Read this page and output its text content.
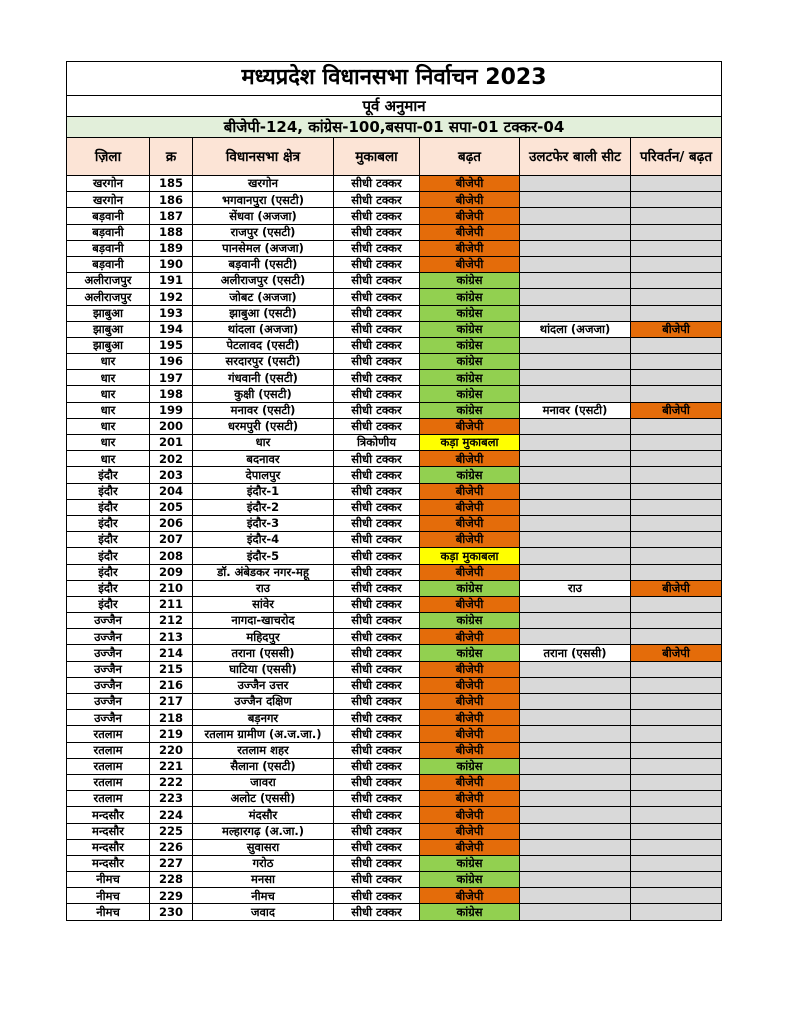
मध्यप्रदेश विधानसभा निर्वाचन 2023						
पूर्व अनुमान						
बीजेपी-124, कांग्रेस-100,बसपा-01 सपा-01 टक्कर-04						
ज़िला	क्र	विधानसभा क्षेत्र	मुकाबला	बढ़त	उलटफेर बाली सीट	परिवर्तन/ बढ़त
खरगोन	185	खरगोन	सीधी टक्कर	बीजेपी		
खरगोन	186	भगवानपुरा (एसटी)	सीधी टक्कर	बीजेपी		
बड़वानी	187	सेंधवा (अजजा)	सीधी टक्कर	बीजेपी		
बड़वानी	188	राजपुर (एसटी)	सीधी टक्कर	बीजेपी		
बड़वानी	189	पानसेमल (अजजा)	सीधी टक्कर	बीजेपी		
बड़वानी	190	बड़वानी (एसटी)	सीधी टक्कर	बीजेपी		
अलीराजपुर	191	अलीराजपुर (एसटी)	सीधी टक्कर	कांग्रेस		
अलीराजपुर	192	जोबट (अजजा)	सीधी टक्कर	कांग्रेस		
झाबुआ	193	झाबुआ (एसटी)	सीधी टक्कर	कांग्रेस		
झाबुआ	194	थांदला (अजजा)	सीधी टक्कर	कांग्रेस	थांदला (अजजा)	बीजेपी
झाबुआ	195	पेटलावद (एसटी)	सीधी टक्कर	कांग्रेस		
धार	196	सरदारपुर (एसटी)	सीधी टक्कर	कांग्रेस		
धार	197	गंधवानी (एसटी)	सीधी टक्कर	कांग्रेस		
धार	198	कुक्षी (एसटी)	सीधी टक्कर	कांग्रेस		
धार	199	मनावर (एसटी)	सीधी टक्कर	कांग्रेस	मनावर (एसटी)	बीजेपी
धार	200	धरमपुरी (एसटी)	सीधी टक्कर	बीजेपी		
धार	201	धार	त्रिकोणीय	कड़ा मुकाबला		
धार	202	बदनावर	सीधी टक्कर	बीजेपी		
इंदौर	203	देपालपुर	सीधी टक्कर	कांग्रेस		
इंदौर	204	इंदौर-1	सीधी टक्कर	बीजेपी		
इंदौर	205	इंदौर-2	सीधी टक्कर	बीजेपी		
इंदौर	206	इंदौर-3	सीधी टक्कर	बीजेपी		
इंदौर	207	इंदौर-4	सीधी टक्कर	बीजेपी		
इंदौर	208	इंदौर-5	सीधी टक्कर	कड़ा मुकाबला		
इंदौर	209	डॉ. अंबेडकर नगर-महू	सीधी टक्कर	बीजेपी		
इंदौर	210	राउ	सीधी टक्कर	कांग्रेस	राउ	बीजेपी
इंदौर	211	सांवेर	सीधी टक्कर	बीजेपी		
उज्जैन	212	नागदा-खाचरोद	सीधी टक्कर	कांग्रेस		
उज्जैन	213	महिदपुर	सीधी टक्कर	बीजेपी		
उज्जैन	214	तराना (एससी)	सीधी टक्कर	कांग्रेस	तराना (एससी)	बीजेपी
उज्जैन	215	घाटिया (एससी)	सीधी टक्कर	बीजेपी		
उज्जैन	216	उज्जैन उत्तर	सीधी टक्कर	बीजेपी		
उज्जैन	217	उज्जैन दक्षिण	सीधी टक्कर	बीजेपी		
उज्जैन	218	बड़नगर	सीधी टक्कर	बीजेपी		
रतलाम	219	रतलाम ग्रामीण (अ.ज.जा.)	सीधी टक्कर	बीजेपी		
रतलाम	220	रतलाम शहर	सीधी टक्कर	बीजेपी		
रतलाम	221	सैलाना (एसटी)	सीधी टक्कर	कांग्रेस		
रतलाम	222	जावरा	सीधी टक्कर	बीजेपी		
रतलाम	223	अलोट (एससी)	सीधी टक्कर	बीजेपी		
मन्दसौर	224	मंदसौर	सीधी टक्कर	बीजेपी		
मन्दसौर	225	मल्हारगढ़ (अ.जा.)	सीधी टक्कर	बीजेपी		
मन्दसौर	226	सुवासरा	सीधी टक्कर	बीजेपी		
मन्दसौर	227	गरोठ	सीधी टक्कर	कांग्रेस		
नीमच	228	मनसा	सीधी टक्कर	कांग्रेस		
नीमच	229	नीमच	सीधी टक्कर	बीजेपी		
नीमच	230	जवाद	सीधी टक्कर	कांग्रेस		
